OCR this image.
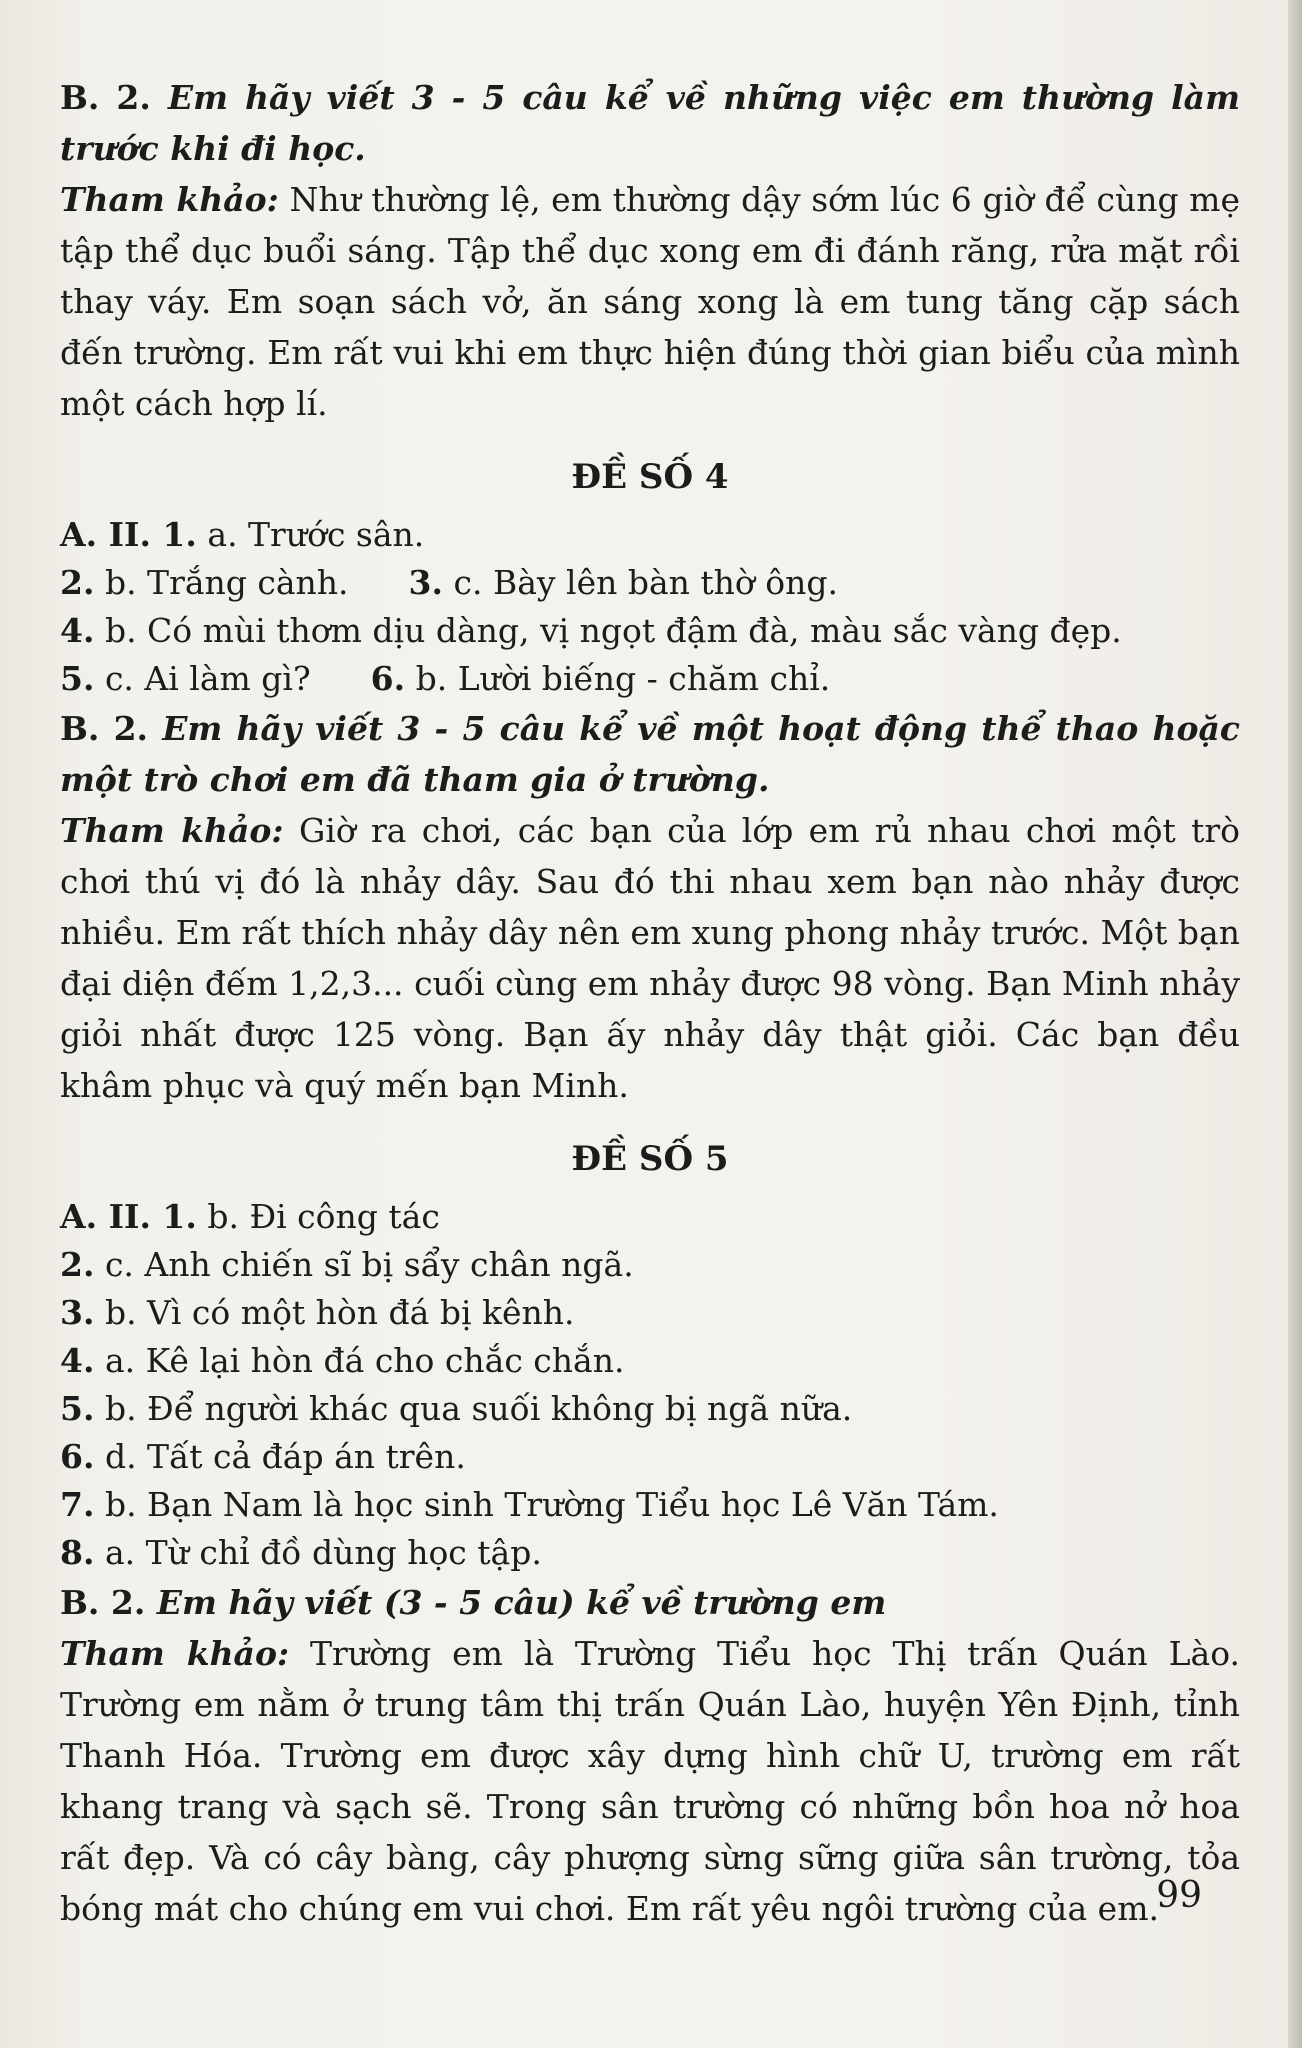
B. 2. Em hãy viết 3 - 5 câu kể về những việc em thường làm trước khi đi học.

Tham khảo: Như thường lệ, em thường dậy sớm lúc 6 giờ để cùng mẹ tập thể dục buổi sáng. Tập thể dục xong em đi đánh răng, rửa mặt rồi thay váy. Em soạn sách vở, ăn sáng xong là em tung tăng cặp sách đến trường. Em rất vui khi em thực hiện đúng thời gian biểu của mình một cách hợp lí.

ĐỀ SỐ 4
A. II. 1. a. Trước sân.
2. b. Trắng cành. 3. c. Bày lên bàn thờ ông.
4. b. Có mùi thơm dịu dàng, vị ngọt đậm đà, màu sắc vàng đẹp.
5. c. Ai làm gì? 6. b. Lười biếng - chăm chỉ.

B. 2. Em hãy viết 3 - 5 câu kể về một hoạt động thể thao hoặc một trò chơi em đã tham gia ở trường.

Tham khảo: Giờ ra chơi, các bạn của lớp em rủ nhau chơi một trò chơi thú vị đó là nhảy dây. Sau đó thi nhau xem bạn nào nhảy được nhiều. Em rất thích nhảy dây nên em xung phong nhảy trước. Một bạn đại diện đếm 1,2,3... cuối cùng em nhảy được 98 vòng. Bạn Minh nhảy giỏi nhất được 125 vòng. Bạn ấy nhảy dây thật giỏi. Các bạn đều khâm phục và quý mến bạn Minh.

ĐỀ SỐ 5
A. II. 1. b. Đi công tác
2. c. Anh chiến sĩ bị sẩy chân ngã.
3. b. Vì có một hòn đá bị kênh.
4. a. Kê lại hòn đá cho chắc chắn.
5. b. Để người khác qua suối không bị ngã nữa.
6. d. Tất cả đáp án trên.
7. b. Bạn Nam là học sinh Trường Tiểu học Lê Văn Tám.
8. a. Từ chỉ đồ dùng học tập.

B. 2. Em hãy viết (3 - 5 câu) kể về trường em

Tham khảo: Trường em là Trường Tiểu học Thị trấn Quán Lào. Trường em nằm ở trung tâm thị trấn Quán Lào, huyện Yên Định, tỉnh Thanh Hóa. Trường em được xây dựng hình chữ U, trường em rất khang trang và sạch sẽ. Trong sân trường có những bồn hoa nở hoa rất đẹp. Và có cây bàng, cây phượng sừng sững giữa sân trường, tỏa bóng mát cho chúng em vui chơi. Em rất yêu ngôi trường của em.

99
